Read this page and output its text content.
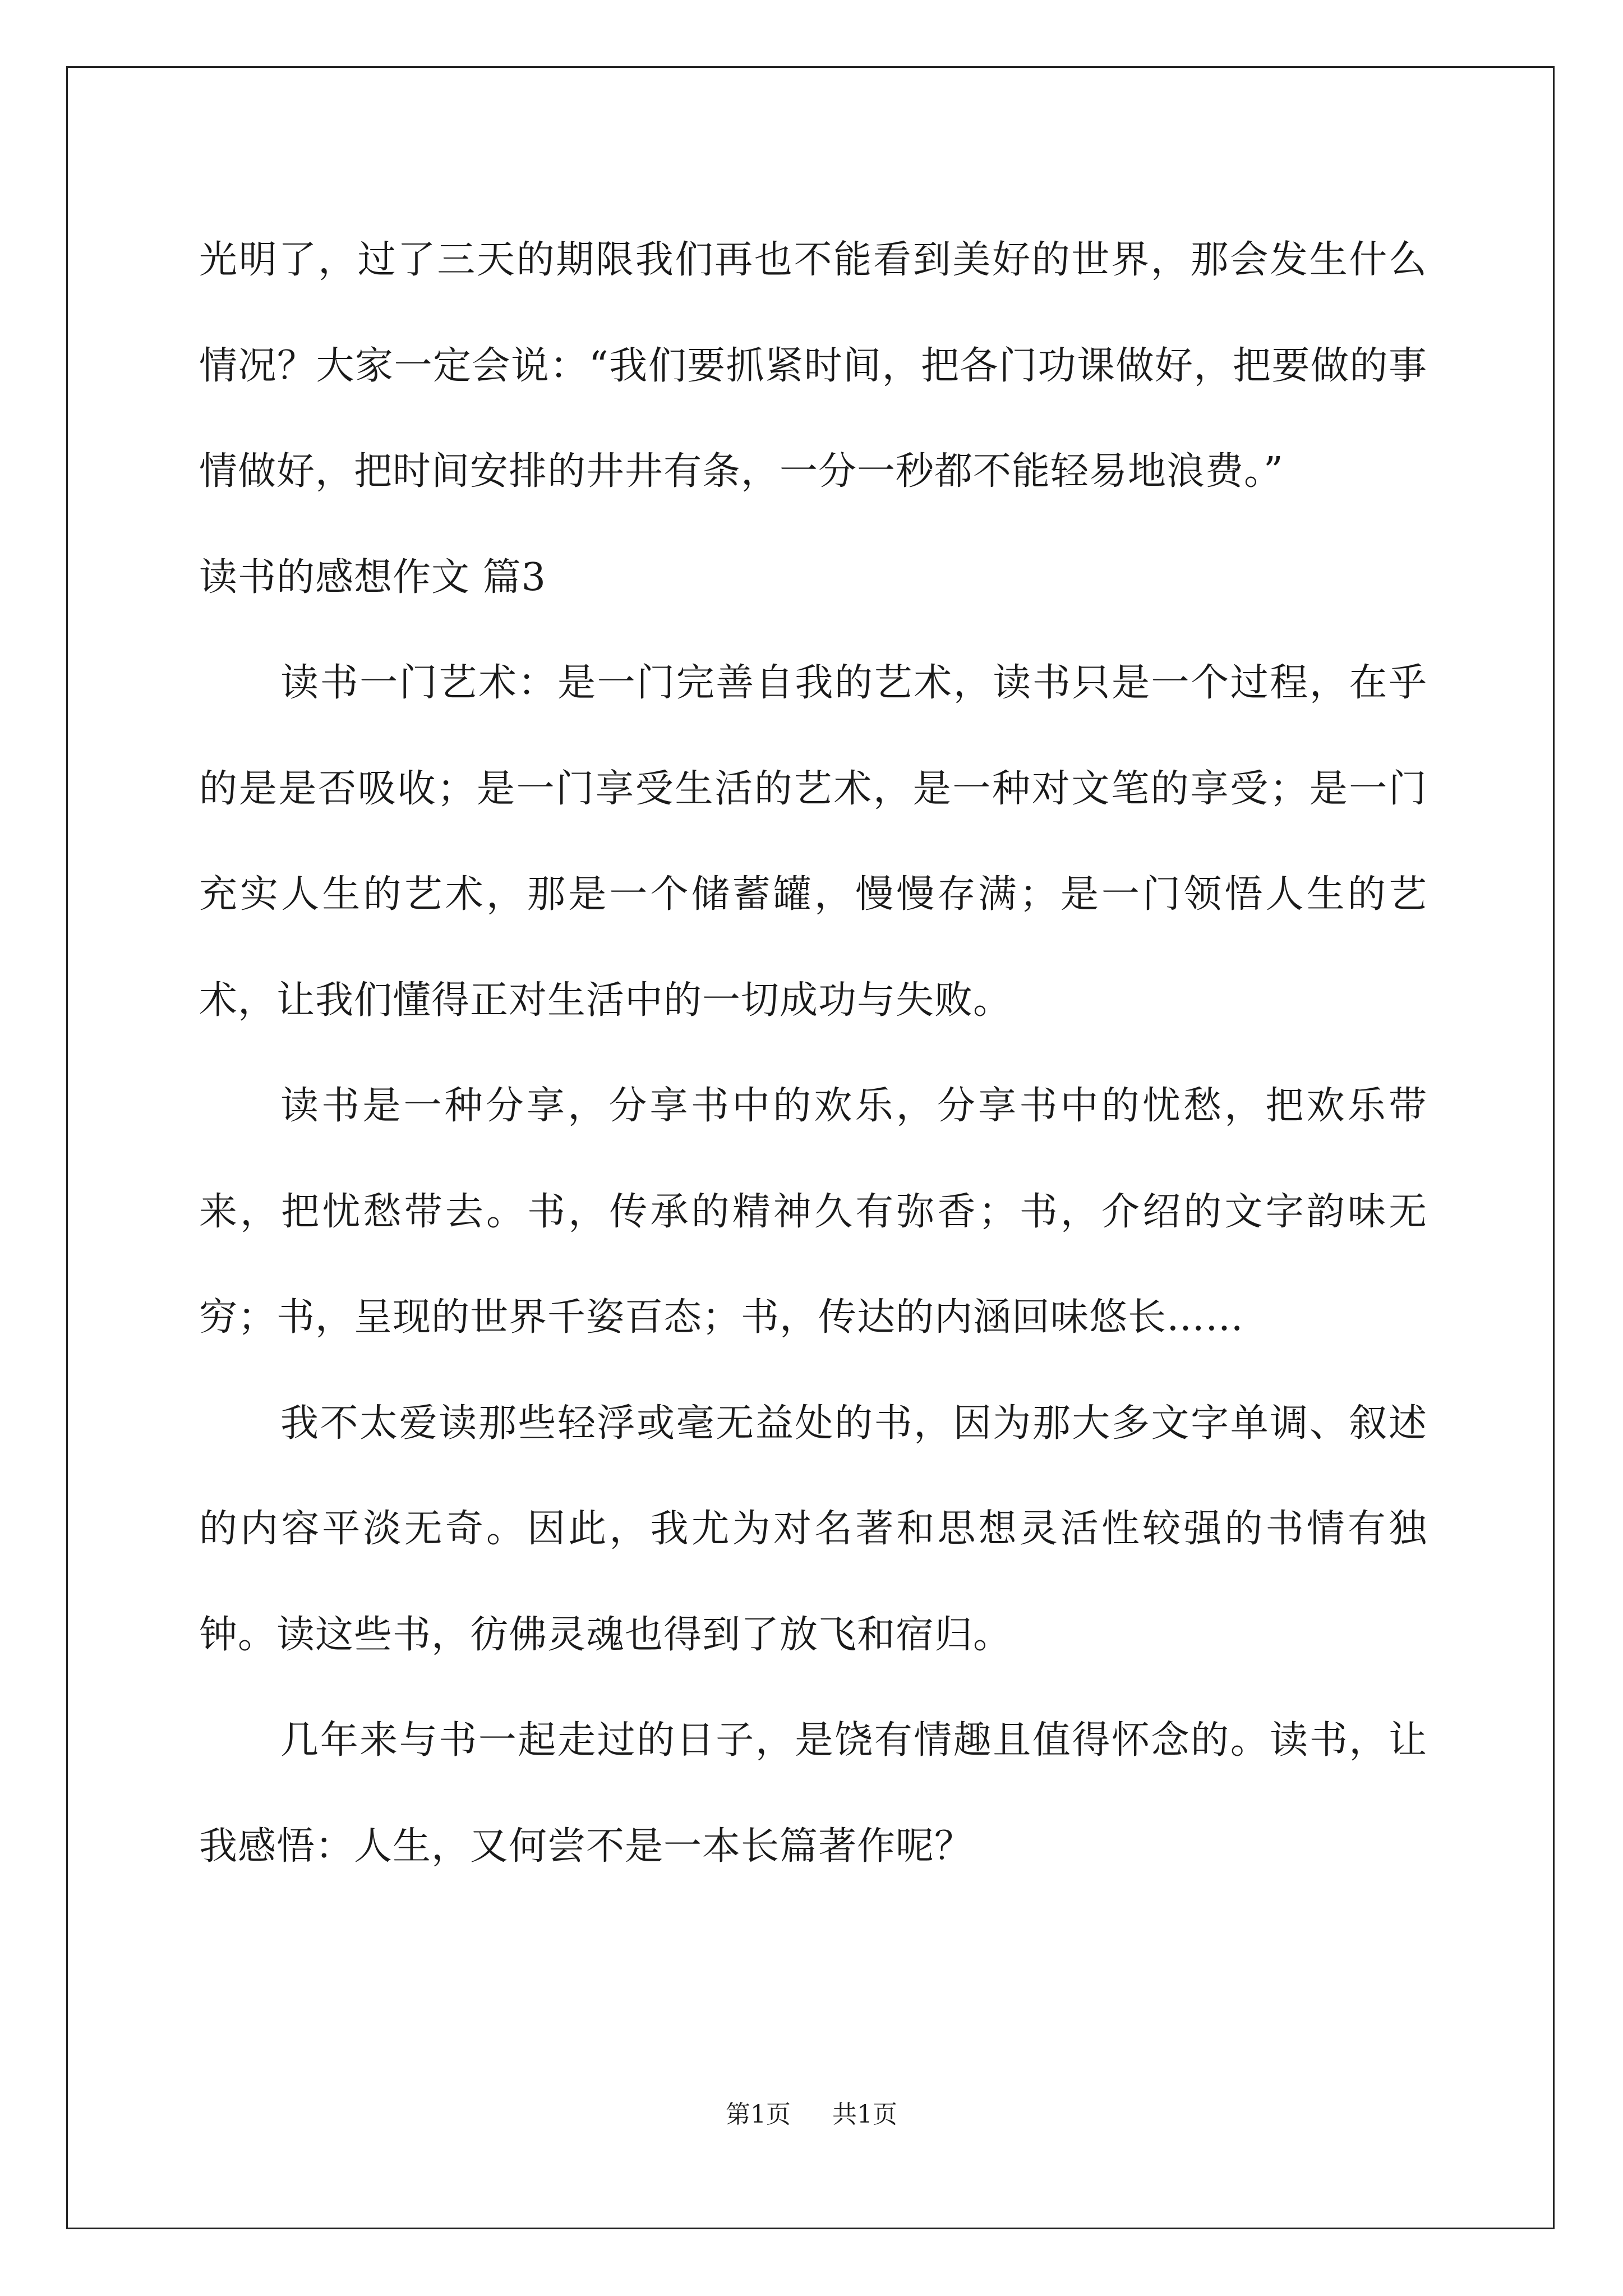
光明了，过了三天的期限我们再也不能看到美好的世界，那会发生什么情况？大家一定会说：“我们要抓紧时间，把各门功课做好，把要做的事情做好，把时间安排的井井有条，一分一秒都不能轻易地浪费。”

读书的感想作文 篇3

读书一门艺术：是一门完善自我的艺术，读书只是一个过程，在乎的是是否吸收；是一门享受生活的艺术，是一种对文笔的享受；是一门充实人生的艺术，那是一个储蓄罐，慢慢存满；是一门领悟人生的艺术，让我们懂得正对生活中的一切成功与失败。

读书是一种分享，分享书中的欢乐，分享书中的忧愁，把欢乐带来，把忧愁带去。书，传承的精神久有弥香；书，介绍的文字韵味无穷；书，呈现的世界千姿百态；书，传达的内涵回味悠长……

我不太爱读那些轻浮或毫无益处的书，因为那大多文字单调、叙述的内容平淡无奇。因此，我尤为对名著和思想灵活性较强的书情有独钟。读这些书，彷佛灵魂也得到了放飞和宿归。

几年来与书一起走过的日子，是饶有情趣且值得怀念的。读书，让我感悟：人生，又何尝不是一本长篇著作呢？

第1页 共1页
